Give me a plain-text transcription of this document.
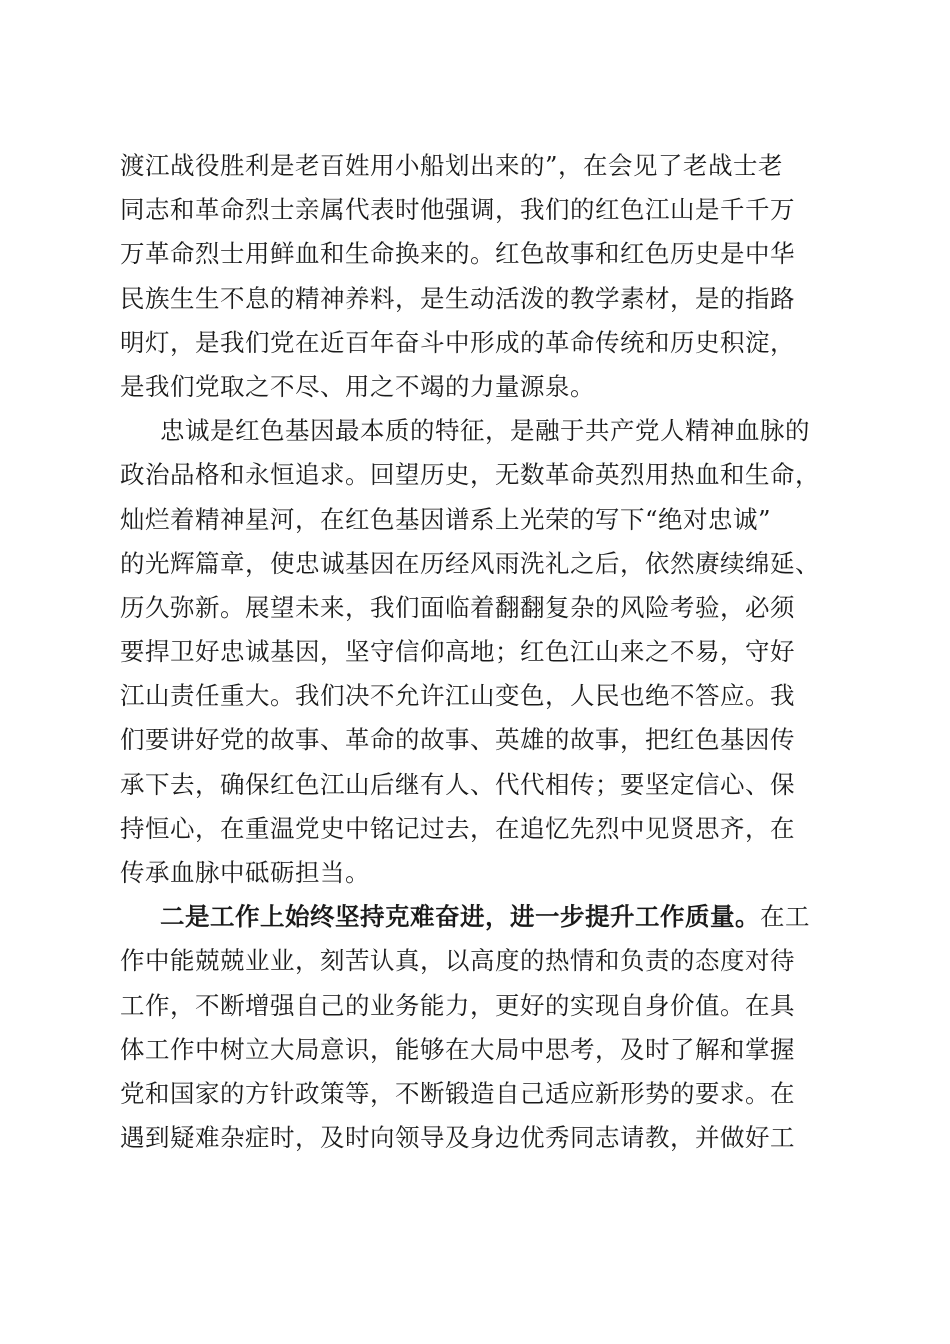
渡江战役胜利是老百姓用小船划出来的”，在会见了老战士老
同志和革命烈士亲属代表时他强调，我们的红色江山是千千万
万革命烈士用鲜血和生命换来的。红色故事和红色历史是中华
民族生生不息的精神养料，是生动活泼的教学素材，是的指路
明灯，是我们党在近百年奋斗中形成的革命传统和历史积淀，
是我们党取之不尽、用之不竭的力量源泉。
忠诚是红色基因最本质的特征，是融于共产党人精神血脉的
政治品格和永恒追求。回望历史，无数革命英烈用热血和生命，
灿烂着精神星河，在红色基因谱系上光荣的写下“绝对忠诚”
的光辉篇章，使忠诚基因在历经风雨洗礼之后，依然赓续绵延、
历久弥新。展望未来，我们面临着翻翻复杂的风险考验，必须
要捍卫好忠诚基因，坚守信仰高地；红色江山来之不易，守好
江山责任重大。我们决不允许江山变色，人民也绝不答应。我
们要讲好党的故事、革命的故事、英雄的故事，把红色基因传
承下去，确保红色江山后继有人、代代相传；要坚定信心、保
持恒心，在重温党史中铭记过去，在追忆先烈中见贤思齐，在
传承血脉中砥砺担当。
二是工作上始终坚持克难奋进，进一步提升工作质量。在工
作中能兢兢业业，刻苦认真，以高度的热情和负责的态度对待
工作，不断增强自己的业务能力，更好的实现自身价值。在具
体工作中树立大局意识，能够在大局中思考，及时了解和掌握
党和国家的方针政策等，不断锻造自己适应新形势的要求。在
遇到疑难杂症时，及时向领导及身边优秀同志请教，并做好工
